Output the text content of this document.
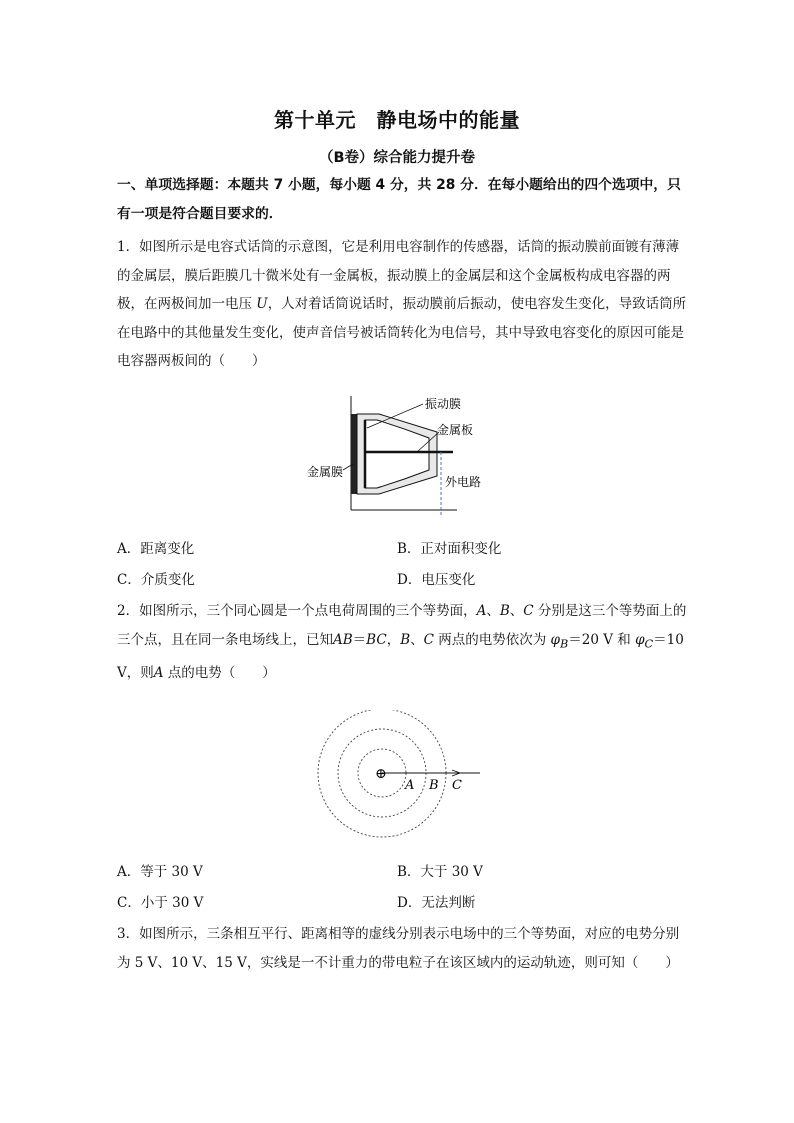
第十单元　静电场中的能量
（B卷）综合能力提升卷
一、单项选择题：本题共 7 小题，每小题 4 分，共 28 分．在每小题给出的四个选项中，只有一项是符合题目要求的．
1．如图所示是电容式话筒的示意图，它是利用电容制作的传感器，话筒的振动膜前面镀有薄薄的金属层，膜后距膜几十微米处有一金属板，振动膜上的金属层和这个金属板构成电容器的两极，在两极间加一电压 U，人对着话筒说话时，振动膜前后振动，使电容发生变化，导致话筒所在电路中的其他量发生变化，使声音信号被话筒转化为电信号，其中导致电容变化的原因可能是电容器两板间的（　　）
振动膜
金属板
金属膜
外电路
A．距离变化	B．正对面积变化
C．介质变化	D．电压变化
2．如图所示，三个同心圆是一个点电荷周围的三个等势面，A、B、C 分别是这三个等势面上的三个点，且在同一条电场线上，已知AB＝BC，B、C 两点的电势依次为 $\varphi_B=20$ V 和 $\varphi_C=10$ V，则A 点的电势（　　）
⊕
A B C
A．等于 30 V	B．大于 30 V
C．小于 30 V	D．无法判断
3．如图所示，三条相互平行、距离相等的虚线分别表示电场中的三个等势面，对应的电势分别为 5 V、10 V、15 V，实线是一不计重力的带电粒子在该区域内的运动轨迹，则可知（　　）
